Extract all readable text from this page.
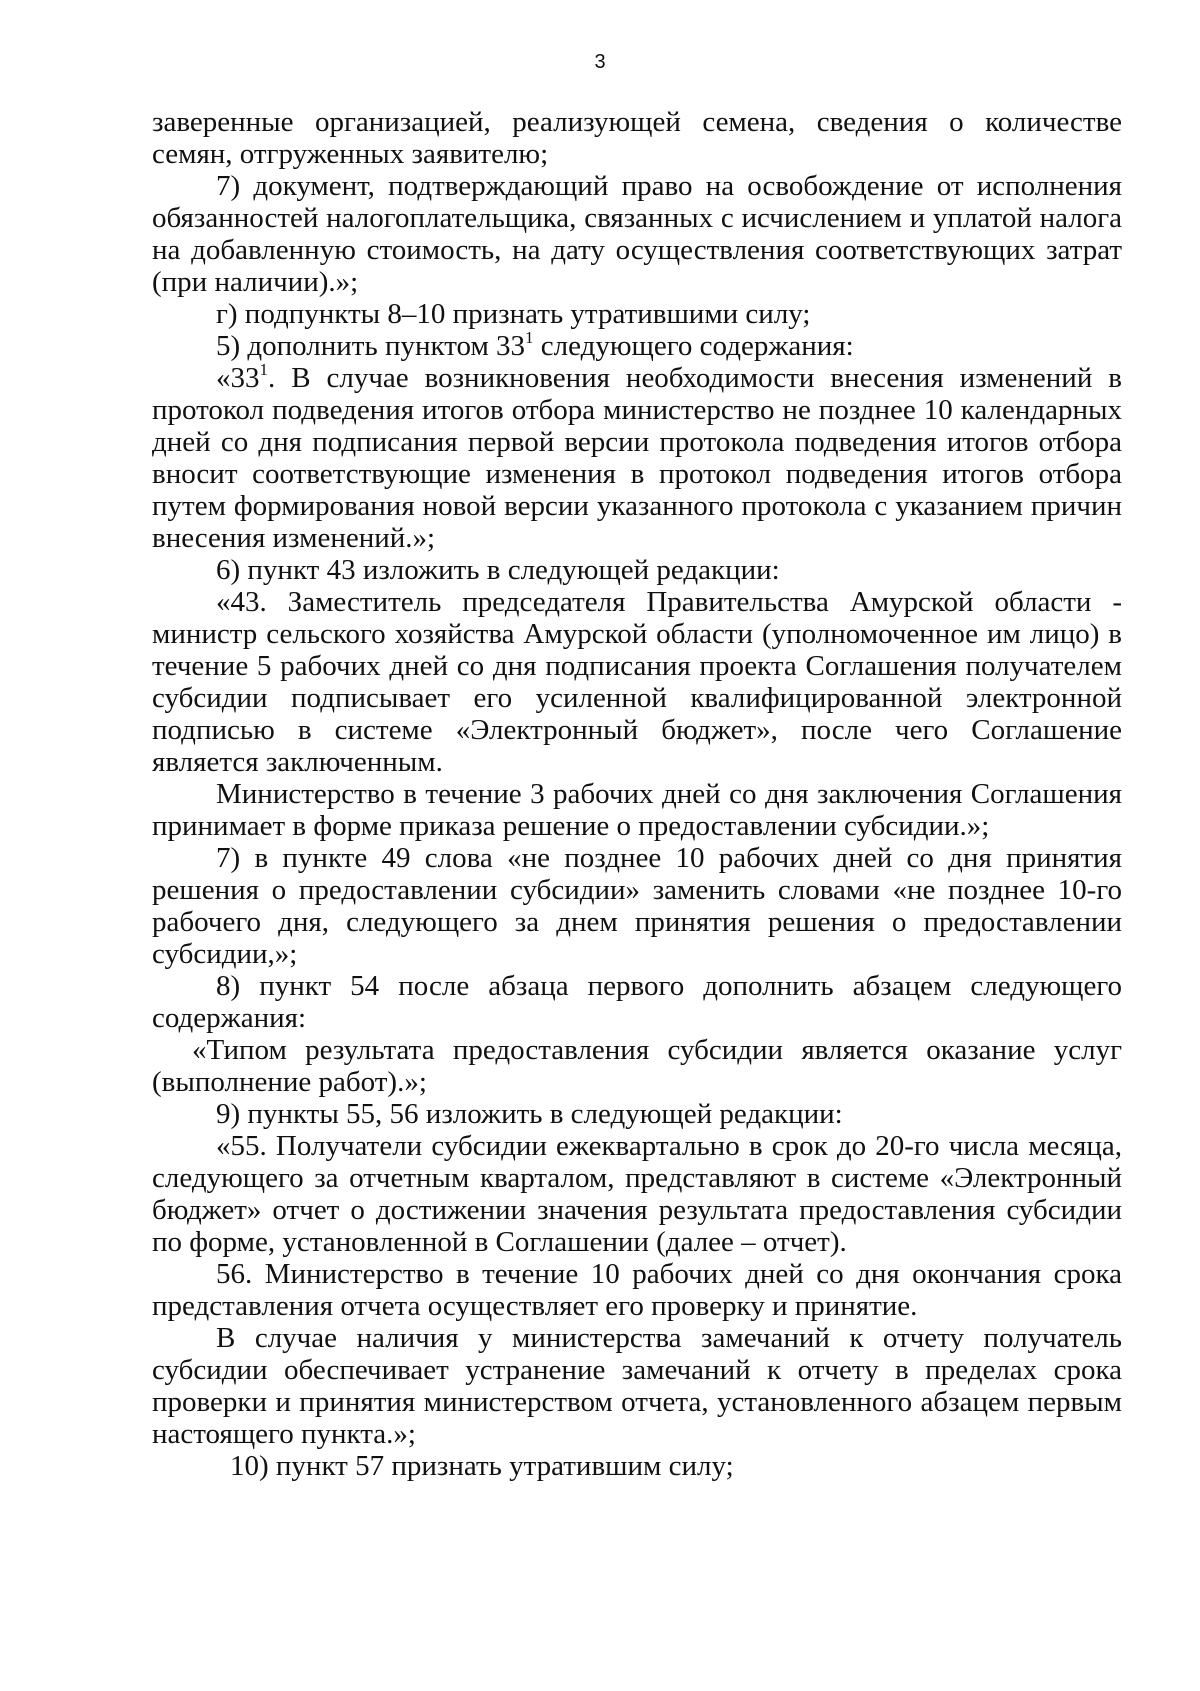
3

заверенные организацией, реализующей семена, сведения о количестве семян, отгруженных заявителю;

7) документ, подтверждающий право на освобождение от исполнения обязанностей налогоплательщика, связанных с исчислением и уплатой налога на добавленную стоимость, на дату осуществления соответствующих затрат (при наличии).»;

г) подпункты 8–10 признать утратившими силу;

5) дополнить пунктом $33^1$ следующего содержания:

«$33^1$. В случае возникновения необходимости внесения изменений в протокол подведения итогов отбора министерство не позднее 10 календарных дней со дня подписания первой версии протокола подведения итогов отбора вносит соответствующие изменения в протокол подведения итогов отбора путем формирования новой версии указанного протокола с указанием причин внесения изменений.»;

6) пункт 43 изложить в следующей редакции:

«43. Заместитель председателя Правительства Амурской области - министр сельского хозяйства Амурской области (уполномоченное им лицо) в течение 5 рабочих дней со дня подписания проекта Соглашения получателем субсидии подписывает его усиленной квалифицированной электронной подписью в системе «Электронный бюджет», после чего Соглашение является заключенным.

Министерство в течение 3 рабочих дней со дня заключения Соглашения принимает в форме приказа решение о предоставлении субсидии.»;

7) в пункте 49 слова «не позднее 10 рабочих дней со дня принятия решения о предоставлении субсидии» заменить словами «не позднее 10-го рабочего дня, следующего за днем принятия решения о предоставлении субсидии,»;

8) пункт 54 после абзаца первого дополнить абзацем следующего содержания:

«Типом результата предоставления субсидии является оказание услуг (выполнение работ).»;

9) пункты 55, 56 изложить в следующей редакции:

«55. Получатели субсидии ежеквартально в срок до 20-го числа месяца, следующего за отчетным кварталом, представляют в системе «Электронный бюджет» отчет о достижении значения результата предоставления субсидии по форме, установленной в Соглашении (далее – отчет).

56. Министерство в течение 10 рабочих дней со дня окончания срока представления отчета осуществляет его проверку и принятие.

В случае наличия у министерства замечаний к отчету получатель субсидии обеспечивает устранение замечаний к отчету в пределах срока проверки и принятия министерством отчета, установленного абзацем первым настоящего пункта.»;

10) пункт 57 признать утратившим силу;
